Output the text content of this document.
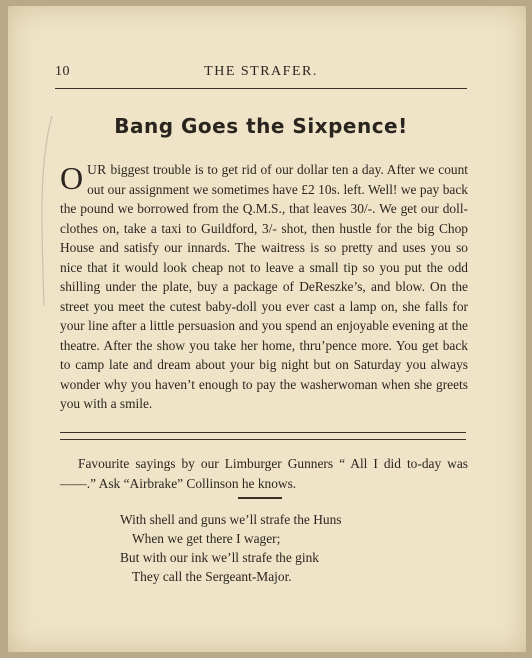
10	THE STRAFER.
Bang Goes the Sixpence!

OUR biggest trouble is to get rid of our dollar ten a day. After we count out our assignment we sometimes have £2 10s. left. Well! we pay back the pound we borrowed from the Q.M.S., that leaves 30/-. We get our doll-clothes on, take a taxi to Guildford, 3/- shot, then hustle for the big Chop House and satisfy our innards. The waitress is so pretty and uses you so nice that it would look cheap not to leave a small tip so you put the odd shilling under the plate, buy a package of DeReszke’s, and blow. On the street you meet the cutest baby-doll you ever cast a lamp on, she falls for your line after a little persuasion and you spend an enjoyable evening at the theatre. After the show you take her home, thru’pence more. You get back to camp late and dream about your big night but on Saturday you always wonder why you haven’t enough to pay the washerwoman when she greets you with a smile.

Favourite sayings by our Limburger Gunners “ All I did to-day was ——.” Ask “Airbrake” Collinson he knows.

With shell and guns we’ll strafe the Huns
When we get there I wager;
But with our ink we’ll strafe the gink
They call the Sergeant-Major.
